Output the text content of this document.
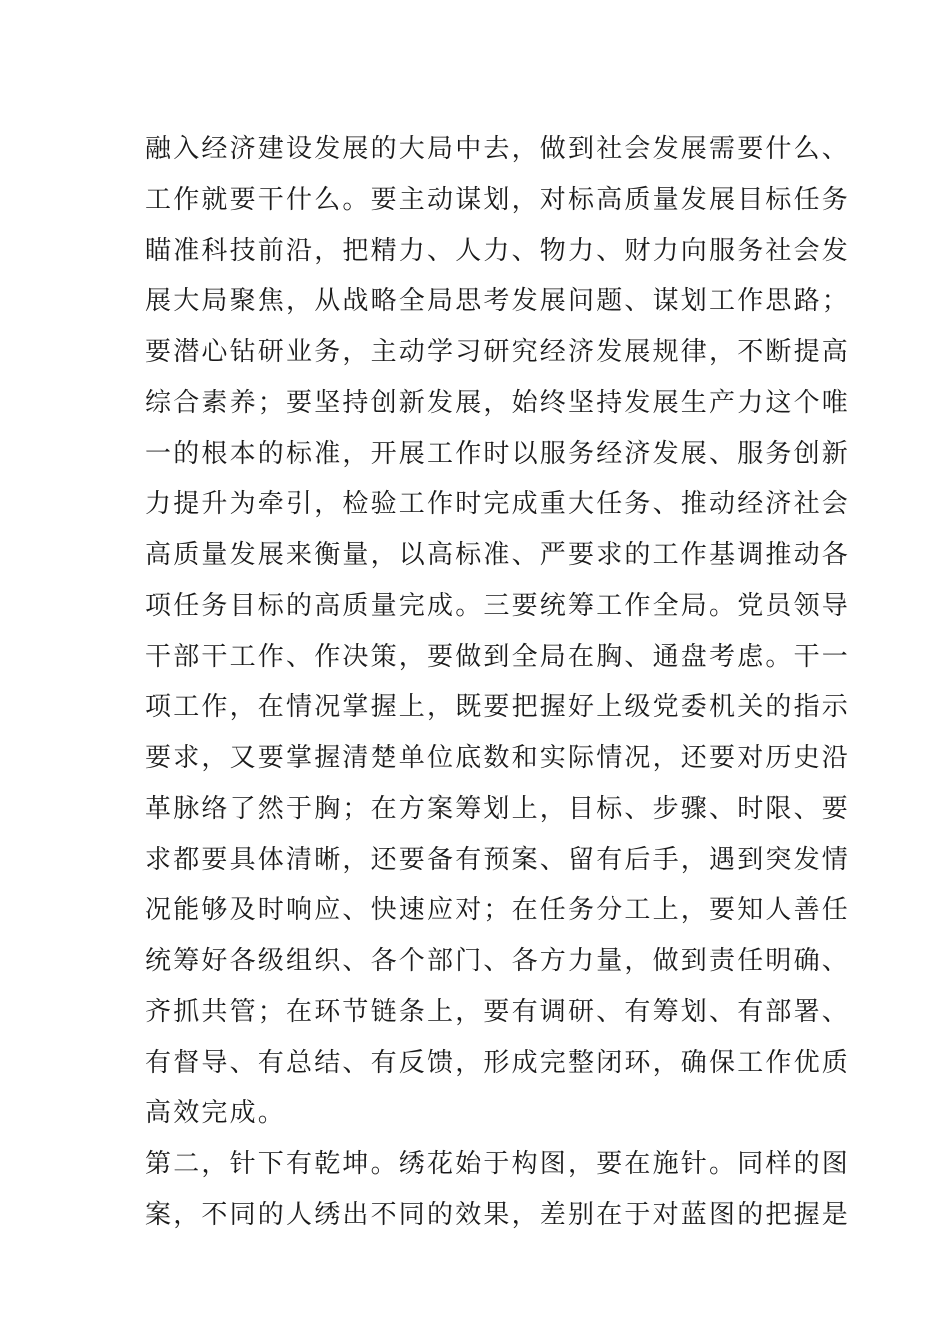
融入经济建设发展的大局中去，做到社会发展需要什么、
工作就要干什么。要主动谋划，对标高质量发展目标任务
瞄准科技前沿，把精力、人力、物力、财力向服务社会发
展大局聚焦，从战略全局思考发展问题、谋划工作思路；
要潜心钻研业务，主动学习研究经济发展规律，不断提高
综合素养；要坚持创新发展，始终坚持发展生产力这个唯
一的根本的标准，开展工作时以服务经济发展、服务创新
力提升为牵引，检验工作时完成重大任务、推动经济社会
高质量发展来衡量，以高标准、严要求的工作基调推动各
项任务目标的高质量完成。三要统筹工作全局。党员领导
干部干工作、作决策，要做到全局在胸、通盘考虑。干一
项工作，在情况掌握上，既要把握好上级党委机关的指示
要求，又要掌握清楚单位底数和实际情况，还要对历史沿
革脉络了然于胸；在方案筹划上，目标、步骤、时限、要
求都要具体清晰，还要备有预案、留有后手，遇到突发情
况能够及时响应、快速应对；在任务分工上，要知人善任
统筹好各级组织、各个部门、各方力量，做到责任明确、
齐抓共管；在环节链条上，要有调研、有筹划、有部署、
有督导、有总结、有反馈，形成完整闭环，确保工作优质
高效完成。
第二，针下有乾坤。绣花始于构图，要在施针。同样的图
案，不同的人绣出不同的效果，差别在于对蓝图的把握是
